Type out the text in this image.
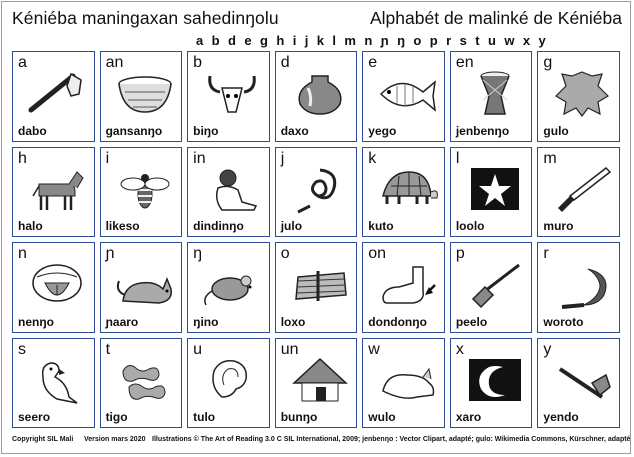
Kéniéba maningaxan sahedinŋolu	Alphabét de malinké de Kéniéba
a b d e g h i j k l m n ɲ ŋ o p r s t u w x y
a
dabo
an
gansanŋo
b
biŋo
d
daxo
e
yego
en
jenbenŋo
g
gulo
h
halo
i
likeso
in
dindinŋo
j
julo
k
kuto
l
loolo
m
muro
n
nenŋo
ɲ
ɲaaro
ŋ
ŋino
o
loxo
on
dondonŋo
p
peelo
r
woroto
s
seero
t
tigo
u
tulo
un
bunŋo
w
wulo
x
xaro
y
yendo
Copyright SIL Mali Version mars 2020 Illustrations © The Art of Reading 3.0 C SIL International, 2009; jenbenŋo : Vector Clipart, adapté; gulo: Wikimedia Commons, Kürschner, adapté
